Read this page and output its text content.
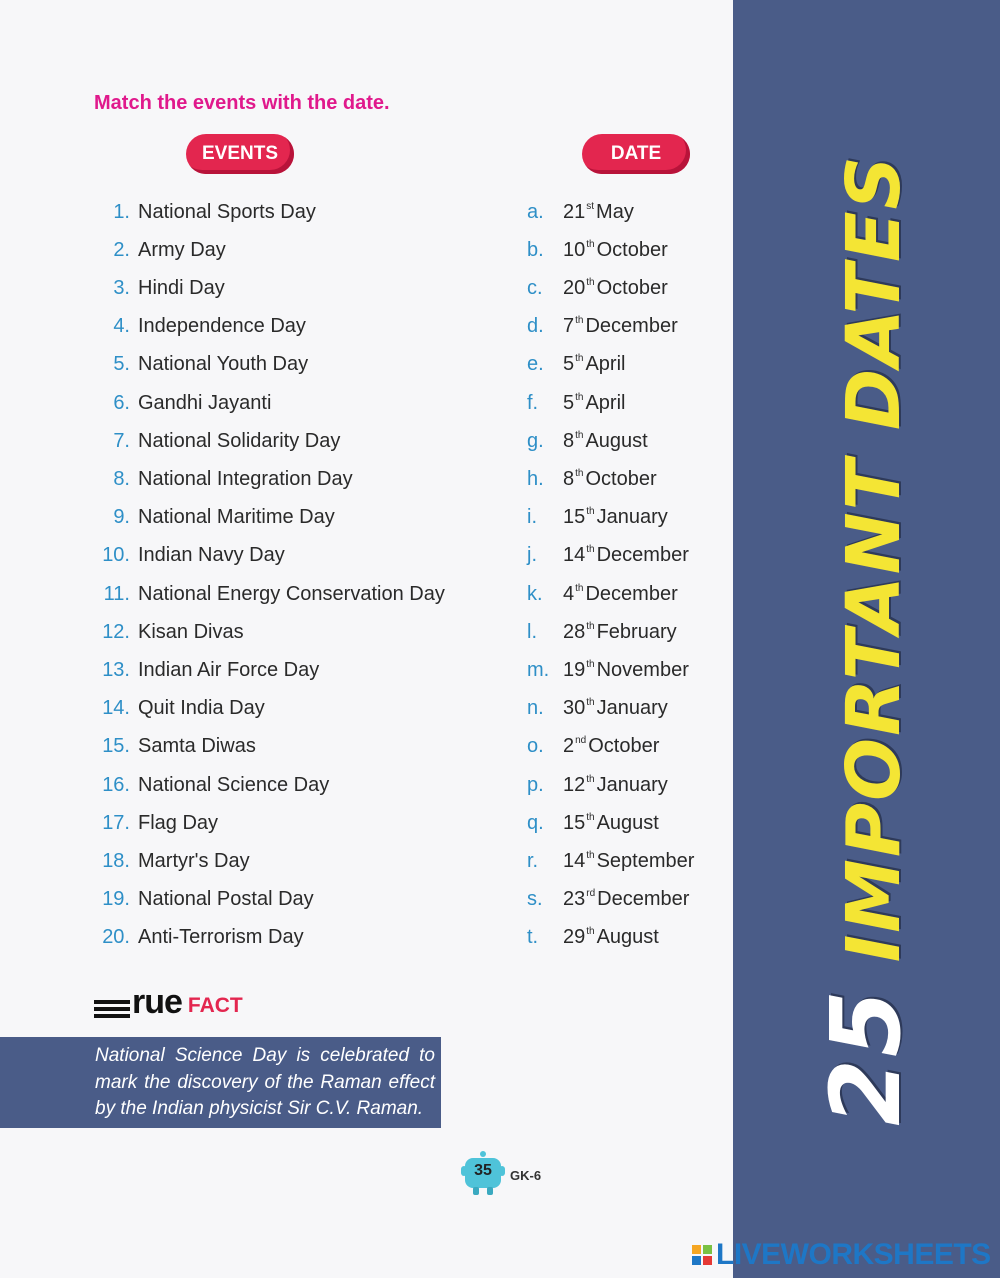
25IMPORTANT DATES
Match the events with the date.
EVENTS	DATE
1. National Sports Day
2. Army Day
3. Hindi Day
4. Independence Day
5. National Youth Day
6. Gandhi Jayanti
7. National Solidarity Day
8. National Integration Day
9. National Maritime Day
10. Indian Navy Day
11. National Energy Conservation Day
12. Kisan Divas
13. Indian Air Force Day
14. Quit India Day
15. Samta Diwas
16. National Science Day
17. Flag Day
18. Martyr's Day
19. National Postal Day
20. Anti-Terrorism Day
a. 21st May
b. 10th October
c.	20th October
d. 7th December
e. 5th April
f.	5th April
g. 8th August
h. 8th October
i.	15th January
j.	14th December
k.	4th December
l.	28th February
m. 19th November
n. 30th January
o. 2nd October
p. 12th January
q. 15th August
r.	14th September
s.	23rd December
t.	29th August
rue FACT
National Science Day is celebrated to mark the discovery of the Raman effect by the Indian physicist Sir C.V. Raman.
35	GK-6
LIVEWORKSHEETS
